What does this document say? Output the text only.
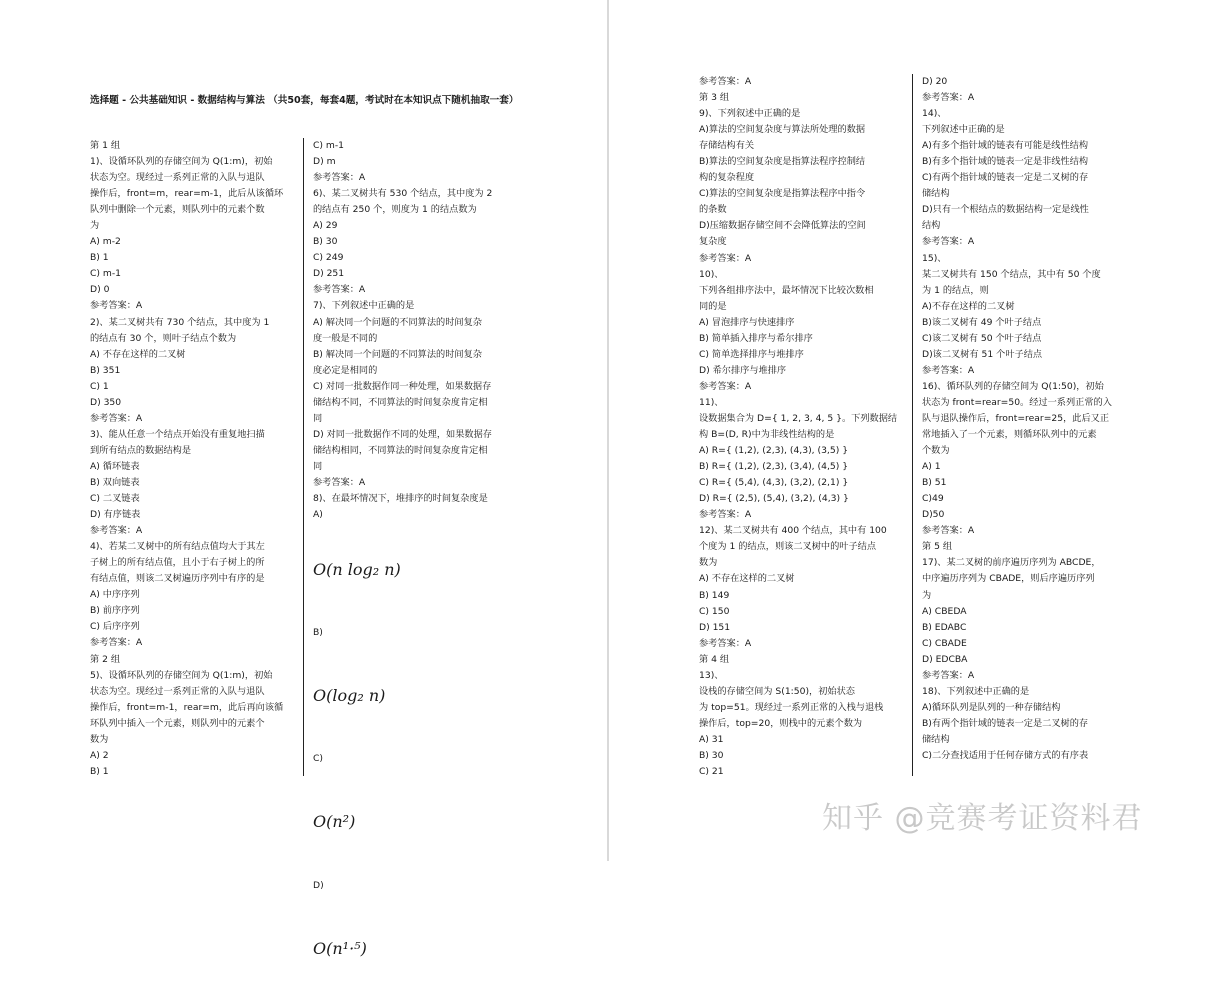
选择题 - 公共基础知识 - 数据结构与算法 （共50套，每套4题，考试时在本知识点下随机抽取一套）
第 1 组
1)、设循环队列的存储空间为 Q(1:m)，初始
状态为空。现经过一系列正常的入队与退队
操作后，front=m，rear=m-1，此后从该循环
队列中删除一个元素，则队列中的元素个数
为
A) m-2
B) 1
C) m-1
D) 0
参考答案：A
2)、某二叉树共有 730 个结点，其中度为 1
的结点有 30 个，则叶子结点个数为
A) 不存在这样的二叉树
B) 351
C) 1
D) 350
参考答案：A
3)、能从任意一个结点开始没有重复地扫描
到所有结点的数据结构是
A) 循环链表
B) 双向链表
C) 二叉链表
D) 有序链表
参考答案：A
4)、若某二叉树中的所有结点值均大于其左
子树上的所有结点值，且小于右子树上的所
有结点值，则该二叉树遍历序列中有序的是
A) 中序序列
B) 前序序列
C) 后序序列
参考答案：A
第 2 组
5)、设循环队列的存储空间为 Q(1:m)，初始
状态为空。现经过一系列正常的入队与退队
操作后，front=m-1，rear=m，此后再向该循
环队列中插入一个元素，则队列中的元素个
数为
A) 2
B) 1
C) m-1
D) m
参考答案：A
6)、某二叉树共有 530 个结点，其中度为 2
的结点有 250 个，则度为 1 的结点数为
A) 29
B) 30
C) 249
D) 251
参考答案：A
7)、下列叙述中正确的是
A) 解决同一个问题的不同算法的时间复杂
度一般是不同的
B) 解决同一个问题的不同算法的时间复杂
度必定是相同的
C) 对同一批数据作同一种处理，如果数据存
储结构不同，不同算法的时间复杂度肯定相
同
D) 对同一批数据作不同的处理，如果数据存
储结构相同，不同算法的时间复杂度肯定相
同
参考答案：A
8)、在最坏情况下，堆排序的时间复杂度是
A)

O(n log₂ n)

B)

O(log₂ n)

C)

O(n²)

D)

O(n¹·⁵)

参考答案：A
第 3 组
9)、下列叙述中正确的是
A)算法的空间复杂度与算法所处理的数据
存储结构有关
B)算法的空间复杂度是指算法程序控制结
构的复杂程度
C)算法的空间复杂度是指算法程序中指令
的条数
D)压缩数据存储空间不会降低算法的空间
复杂度
参考答案：A
10)、
下列各组排序法中，最坏情况下比较次数相
同的是
A) 冒泡排序与快速排序
B) 简单插入排序与希尔排序
C) 简单选择排序与堆排序
D) 希尔排序与堆排序
参考答案：A
11)、
设数据集合为 D={ 1, 2, 3, 4, 5 }。下列数据结
构 B=(D, R)中为非线性结构的是
A) R={ (1,2), (2,3), (4,3), (3,5) }
B) R={ (1,2), (2,3), (3,4), (4,5) }
C) R={ (5,4), (4,3), (3,2), (2,1) }
D) R={ (2,5), (5,4), (3,2), (4,3) }
参考答案：A
12)、某二叉树共有 400 个结点，其中有 100
个度为 1 的结点，则该二叉树中的叶子结点
数为
A) 不存在这样的二叉树
B) 149
C) 150
D) 151
参考答案：A
第 4 组
13)、
设栈的存储空间为 S(1:50)，初始状态
为 top=51。现经过一系列正常的入栈与退栈
操作后，top=20，则栈中的元素个数为
A) 31
B) 30
C) 21
D) 20
参考答案：A
14)、
下列叙述中正确的是
A)有多个指针域的链表有可能是线性结构
B)有多个指针域的链表一定是非线性结构
C)有两个指针域的链表一定是二叉树的存
储结构
D)只有一个根结点的数据结构一定是线性
结构
参考答案：A
15)、
某二叉树共有 150 个结点，其中有 50 个度
为 1 的结点，则
A)不存在这样的二叉树
B)该二叉树有 49 个叶子结点
C)该二叉树有 50 个叶子结点
D)该二叉树有 51 个叶子结点
参考答案：A
16)、循环队列的存储空间为 Q(1:50)，初始
状态为 front=rear=50。经过一系列正常的入
队与退队操作后，front=rear=25，此后又正
常地插入了一个元素，则循环队列中的元素
个数为
A) 1
B) 51
C)49
D)50
参考答案：A
第 5 组
17)、某二叉树的前序遍历序列为 ABCDE，
中序遍历序列为 CBADE，则后序遍历序列
为
A) CBEDA
B) EDABC
C) CBADE
D) EDCBA
参考答案：A
18)、下列叙述中正确的是
A)循环队列是队列的一种存储结构
B)有两个指针域的链表一定是二叉树的存
储结构
C)二分查找适用于任何存储方式的有序表
知乎 @竞赛考证资料君
